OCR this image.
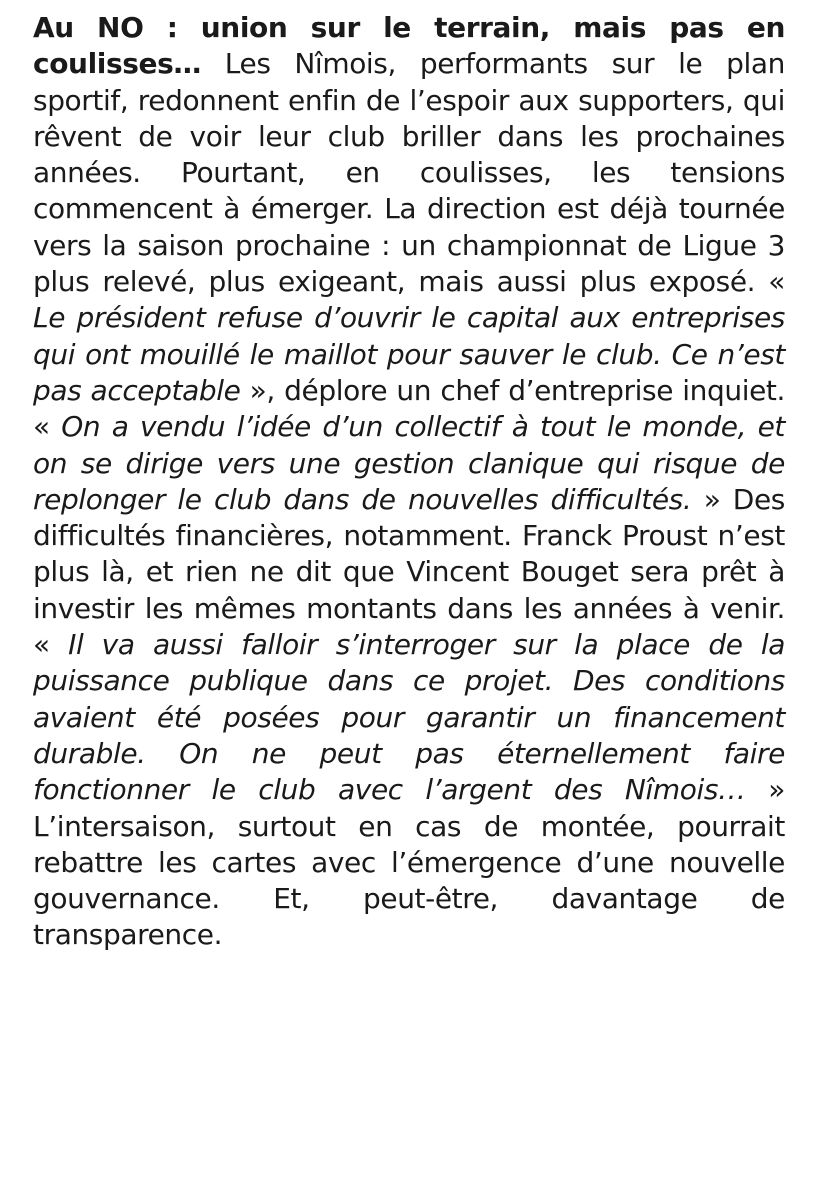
Au NO : union sur le terrain, mais pas en coulisses… Les Nîmois, performants sur le plan sportif, redonnent enfin de l’espoir aux supporters, qui rêvent de voir leur club briller dans les prochaines années. Pourtant, en coulisses, les tensions commencent à émerger. La direction est déjà tournée vers la saison prochaine : un championnat de Ligue 3 plus relevé, plus exigeant, mais aussi plus exposé. « Le président refuse d’ouvrir le capital aux entreprises qui ont mouillé le maillot pour sauver le club. Ce n’est pas acceptable », déplore un chef d’entreprise inquiet. « On a vendu l’idée d’un collectif à tout le monde, et on se dirige vers une gestion clanique qui risque de replonger le club dans de nouvelles difficultés. » Des difficultés financières, notamment. Franck Proust n’est plus là, et rien ne dit que Vincent Bouget sera prêt à investir les mêmes montants dans les années à venir. « Il va aussi falloir s’interroger sur la place de la puissance publique dans ce projet. Des conditions avaient été posées pour garantir un financement durable. On ne peut pas éternellement faire fonctionner le club avec l’argent des Nîmois… » L’intersaison, surtout en cas de montée, pourrait rebattre les cartes avec l’émergence d’une nouvelle gouvernance. Et, peut-être, davantage de transparence.
